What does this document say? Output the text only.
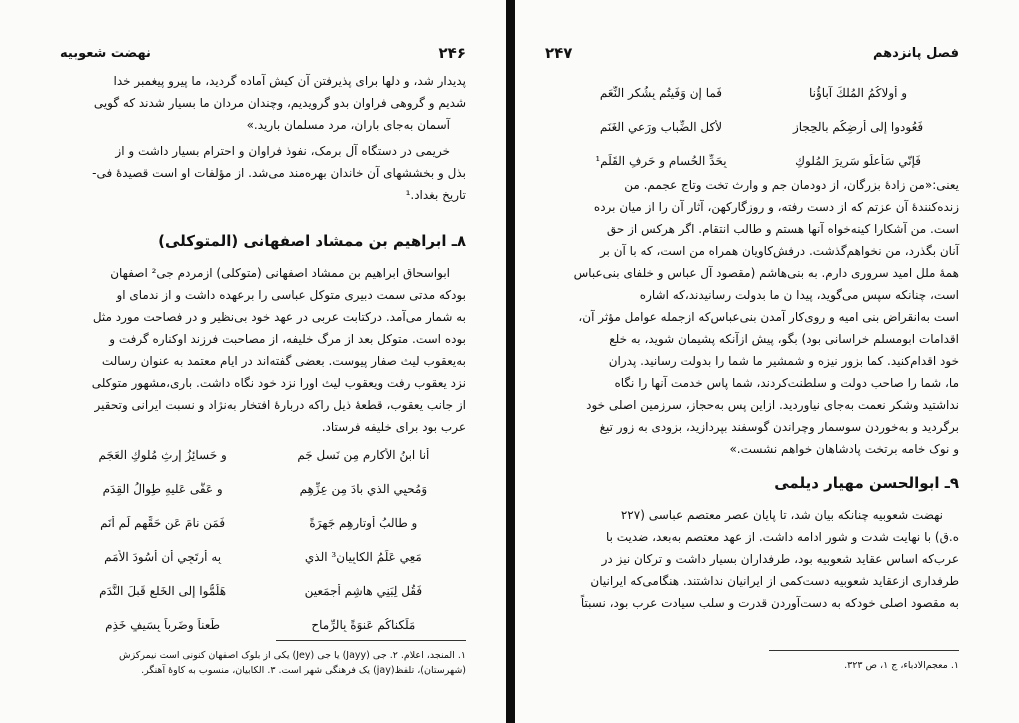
۲۴۶
نهضت شعوبیه

پدیدار شد، و دلها برای پذیرفتن آن کیش آماده گردید، ما پیرو پیغمبر خدا

شدیم و گروهی فراوان بدو گرویدیم، وچندان مردان ما بسیار شدند که گویی

آسمان به‌جای باران، مرد مسلمان بارید.»

خریمی در دستگاه آل برمک، نفوذ فراوان و احترام بسیار داشت و از

بذل و بخششهای آن خاندان بهره‌مند می‌شد. از مؤلفات او است قصیدهٔ فی-

تاریخ بغداد.¹

۸ـ ابراهیم بن ممشاد اصفهانی (المتوکلی)

ابواسحاق ابراهیم بن ممشاد اصفهانی (متوکلی) ازمردم جی² اصفهان

بودکه مدتی سمت دبیری متوکل عباسی را برعهده داشت و از ندمای او

به شمار می‌آمد. درکتابت عربی در عهد خود بی‌نظیر و در فصاحت مورد مثل

بوده است. متوکل بعد از مرگ خلیفه، از مصاحبت فرزند اوکناره گرفت و

به‌یعقوب لیث صفار پیوست. بعضی گفته‌اند در ایام معتمد به عنوان رسالت

نزد یعقوب رفت ویعقوب لیث اورا نزد خود نگاه داشت. باری،مشهور متوکلی

از جانب یعقوب، قطعهٔ ذیل راکه دربارهٔ افتخار به‌نژاد و نسبت ایرانی وتحقیر

عرب بود برای خلیفه فرستاد.

أنا ابنُ الأكارمِ مِن نَسلِ جَم
و حَسائِزُ إرثِ مُلوكِ العَجَم
وَمُحيِي الذي بادَ مِن عِزِّهِم
و عَفَّى عَليهِ طِوالُ القِدَم
و طالبُ أوتارِهِم جَهرَةً
فَمَن نامَ عَن حَقِّهِم لَم أنَم
مَعِي عَلَمُ الكابِيانِ³ الذي
بِه أرتَجِي أن أسُودَ الأُمَم
فَقُل لِبَنِي هاشِمٍ أجمَعين
هَلُمُّوا إلى الخَلعِ قَبلَ النَّدَم
مَلَكناكُم عَنوَةً بِالرِّماحِ
طَعناً وضَرباً بِسَيفٍ خَذِم
۱. المنجد، اعلام. ۲. جی (Jayy) یا جی (Jey) یکی از بلوک اصفهان کنونی است نیمرکزش
(شهرستان)، تلفظ(jay) یک فرهنگی شهر است. ۳. الکابیان، منسوب به کاوهٔ آهنگر.
فصل پانزدهم
۲۴۷
و أولاكُمُ المُلكَ آباؤُنا
فَما إن وَفَيتُم بِشُكرِ النِّعَم
فَعُودوا إلى أرضِكُم بالحِجاز
لأكلِ الضِّبابِ ورَعيِ الغَنَم
فَإنّي سَأعلُو سَريرَ المُلوكِ
بِحَدِّ الحُسامِ و حَرفِ القَلَم¹

یعنی:«من زادهٔ بزرگان، از دودمان جم و وارث تخت وتاج عجمم. من

زنده‌کنندهٔ آن عزتم که از دست رفته، و روزگارکهن، آثار آن را از میان برده

است. من آشکارا کینه‌خواه آنها هستم و طالب انتقام. اگر هرکس از حق

آنان بگذرد، من نخواهم‌گذشت. درفش‌کاویان همراه من است، که با آن بر

همهٔ ملل امید سروری دارم. به بنی‌هاشم (مقصود آل عباس و خلفای بنی‌عباس

است، چنانکه سپس می‌گوید، پیدا ن ما بدولت رسانیدند،که اشاره

است به‌انقراض بنی امیه و روی‌کار آمدن بنی‌عباس‌که ازجمله عوامل مؤثر آن،

اقدامات ابومسلم خراسانی بود) بگو، پیش ازآنکه پشیمان شوید، به خلع

خود اقدام‌کنید. کما بزور نیزه و شمشیر ما شما را بدولت رسانید. پدران

ما، شما را صاحب دولت و سلطنت‌کردند، شما پاس خدمت آنها را نگاه

نداشتید وشکر نعمت به‌جای نیاوردید. ازاین پس به‌حجاز، سرزمین اصلی خود

برگردید و به‌خوردن سوسمار وچراندن گوسفند بپردازید، بزودی به زور تیغ

و نوک خامه برتخت پادشاهان خواهم نشست.»

۹ـ ابوالحسن مهیار دیلمی

نهضت شعوبیه چنانکه بیان شد، تا پایان عصر معتصم عباسی (۲۲۷

ه.ق) با نهایت شدت و شور ادامه داشت. از عهد معتصم به‌بعد، ضدیت با

عرب‌که اساس عقاید شعوبیه بود، طرفداران بسیار داشت و ترکان نیز در

طرفداری ازعقاید شعوبیه دست‌کمی از ایرانیان نداشتند. هنگامی‌که ایرانیان

به مقصود اصلی خودکه به دست‌آوردن قدرت و سلب سیادت عرب بود، نسبتاً

۱. معجم‌الادباء، ج ۱، ص ۳۲۳.
